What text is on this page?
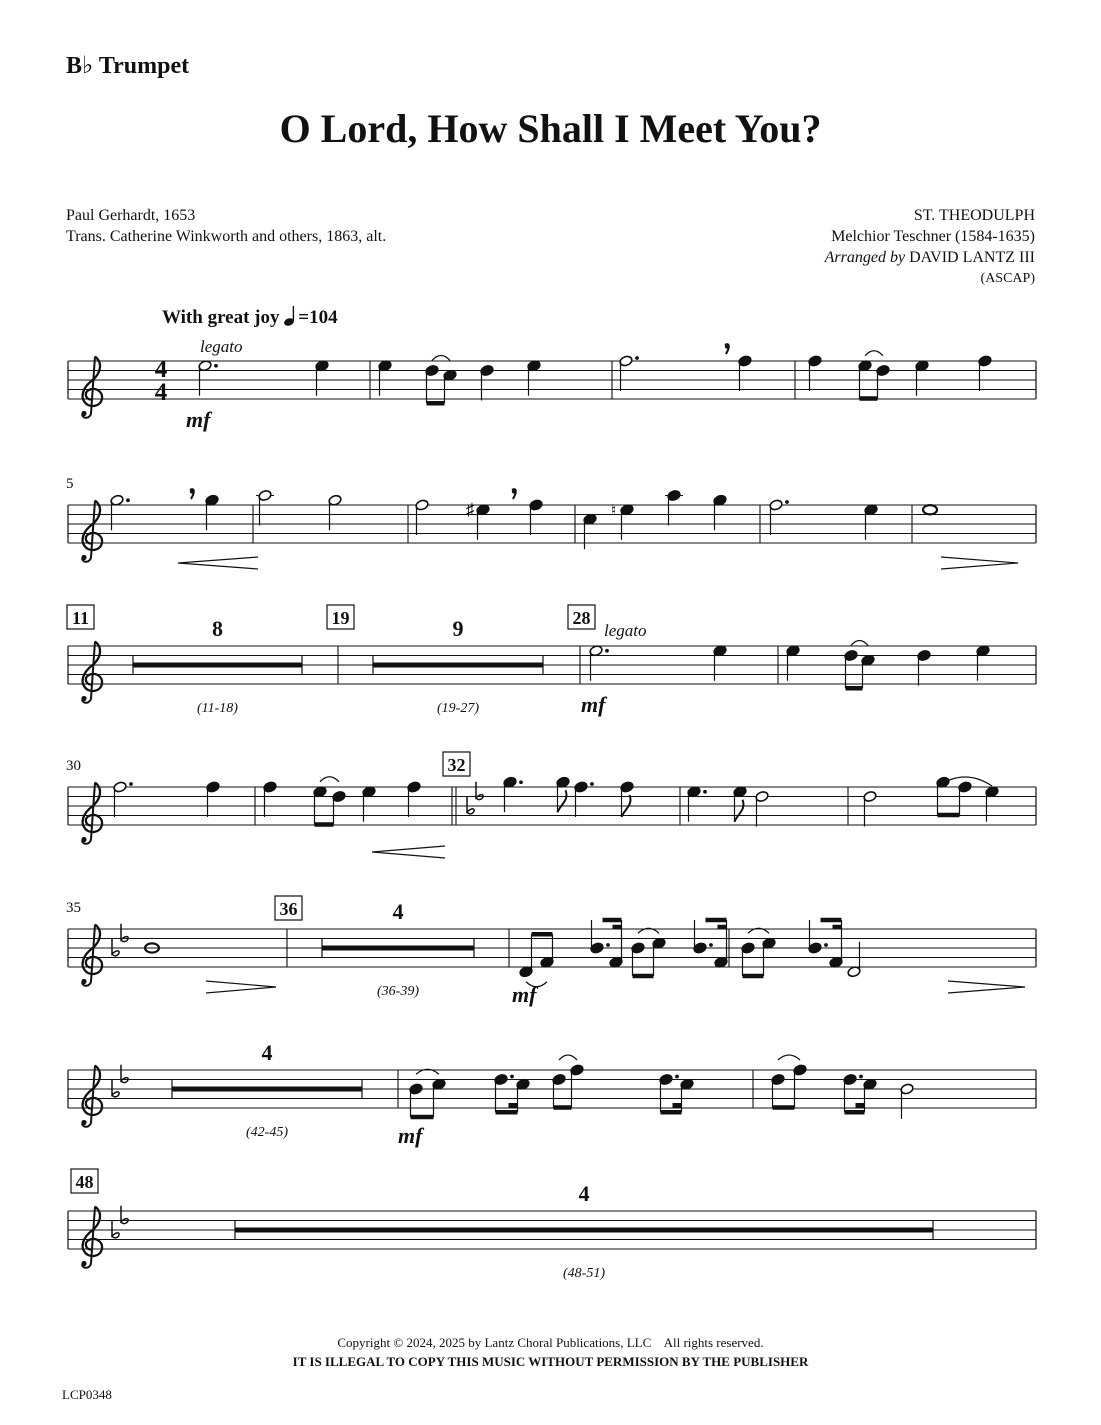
B♭ Trumpet
O Lord, How Shall I Meet You?
Paul Gerhardt, 1653
Trans. Catherine Winkworth and others, 1863, alt.
ST. THEODULPH
Melchior Teschner (1584-1635)
Arranged by DAVID LANTZ III
(ASCAP)
With great joy =104
4
4
legato
mf
5
♯	♮
11	8
(11-18)
19	9
(19-27)
28
legato
mf
30	32
35	36	4
(36-39)	mf
4
(42-45)	mf
48	4
(48-51)
Copyright © 2024, 2025 by Lantz Choral Publications, LLC    All rights reserved.
IT IS ILLEGAL TO COPY THIS MUSIC WITHOUT PERMISSION BY THE PUBLISHER
LCP0348
